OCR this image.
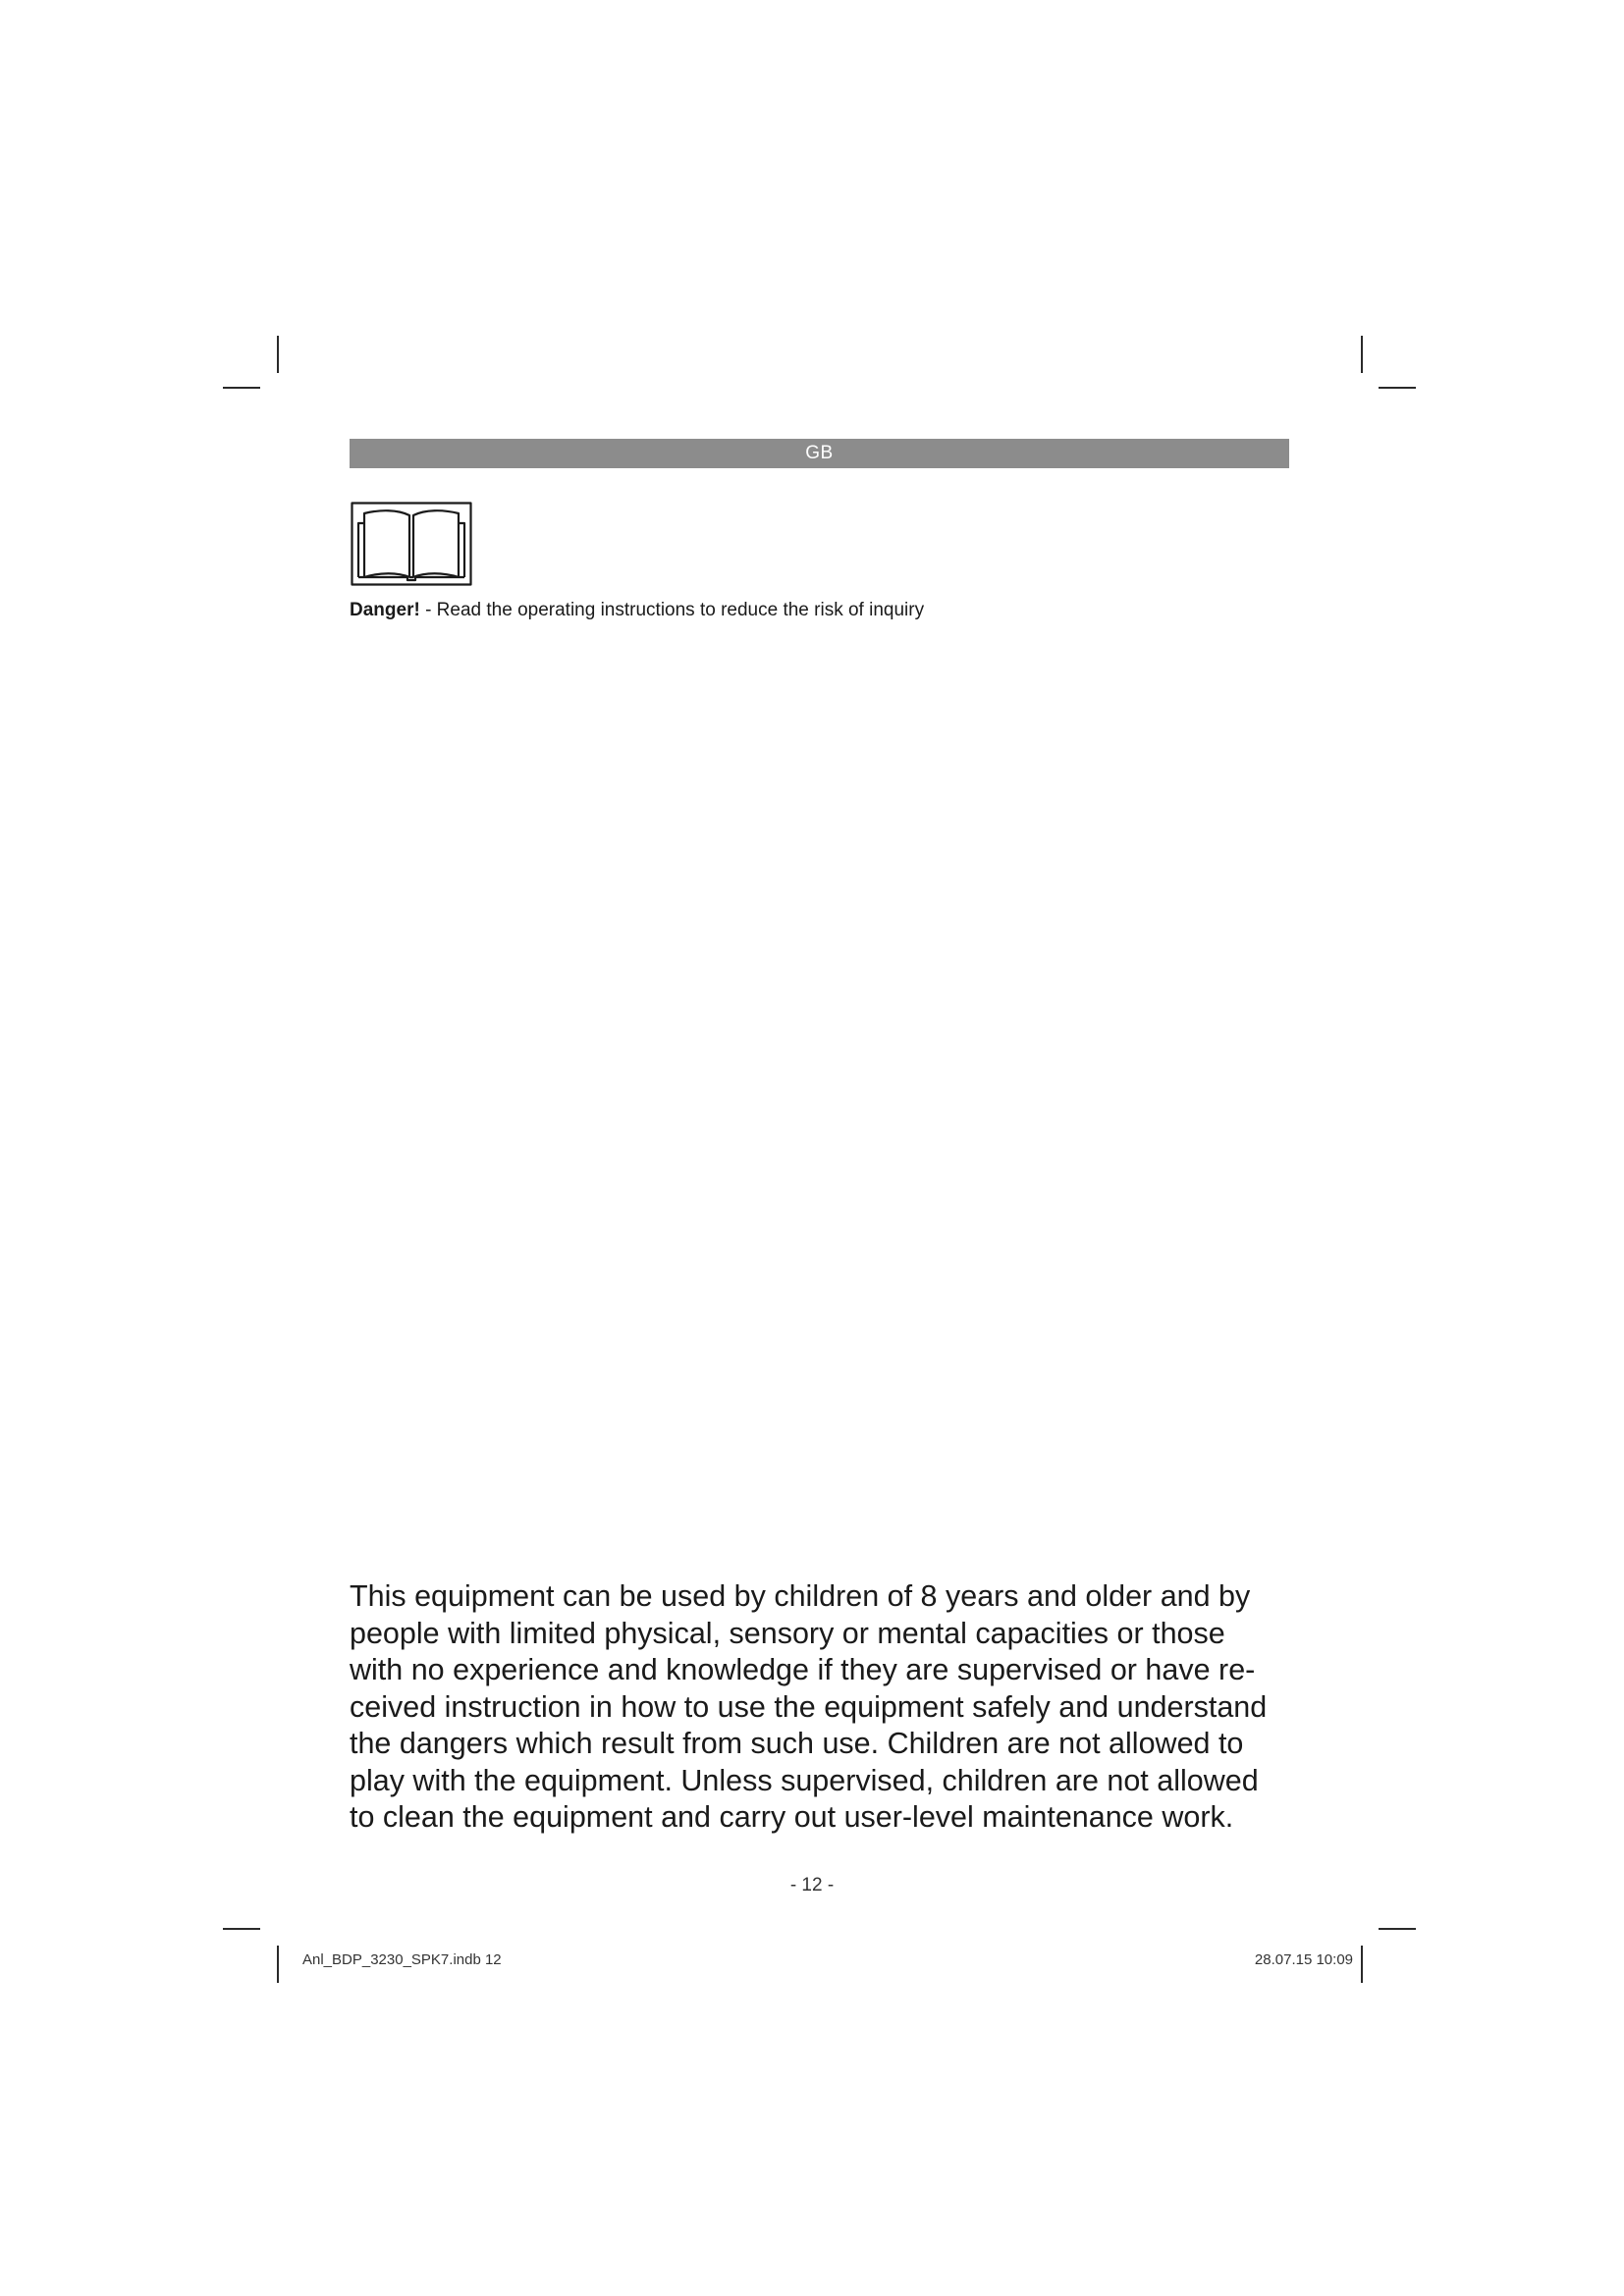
GB
Danger! - Read the operating instructions to reduce the risk of inquiry
This equipment can be used by children of 8 years and older and by
people with limited physical, sensory or mental capacities or those
with no experience and knowledge if they are supervised or have re-
ceived instruction in how to use the equipment safely and understand
the dangers which result from such use. Children are not allowed to
play with the equipment. Unless supervised, children are not allowed
to clean the equipment and carry out user-level maintenance work.
- 12 -
Anl_BDP_3230_SPK7.indb 12	28.07.15 10:09
